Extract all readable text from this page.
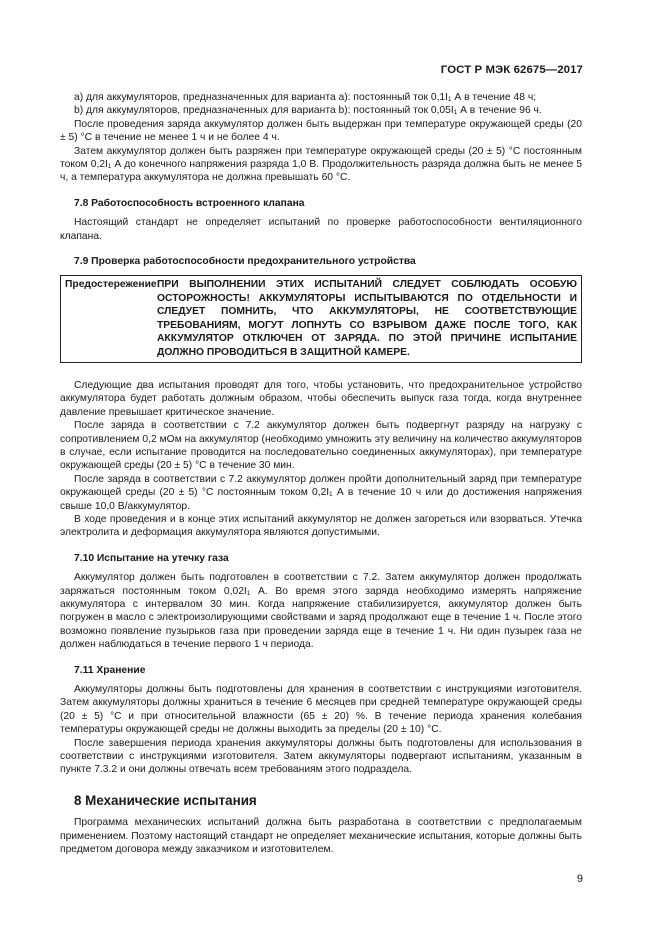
ГОСТ Р МЭК 62675—2017

а) для аккумуляторов, предназначенных для варианта а): постоянный ток 0,1I₁ А в течение 48 ч;

b) для аккумуляторов, предназначенных для варианта b): постоянный ток 0,05I₁ А в течение 96 ч.

После проведения заряда аккумулятор должен быть выдержан при температуре окружающей среды (20 ± 5) °С в течение не менее 1 ч и не более 4 ч.

Затем аккумулятор должен быть разряжен при температуре окружающей среды (20 ± 5) °С постоянным током 0,2I₁ А до конечного напряжения разряда 1,0 В. Продолжительность разряда должна быть не менее 5 ч, а температура аккумулятора не должна превышать 60 °С.

7.8 Работоспособность встроенного клапана

Настоящий стандарт не определяет испытаний по проверке работоспособности вентиляционного клапана.

7.9 Проверка работоспособности предохранительного устройства

Предостережение:
ПРИ ВЫПОЛНЕНИИ ЭТИХ ИСПЫТАНИЙ СЛЕДУЕТ СОБЛЮДАТЬ ОСОБУЮ ОСТОРОЖНОСТЬ! АККУМУЛЯТОРЫ ИСПЫТЫВАЮТСЯ ПО ОТДЕЛЬНОСТИ И СЛЕДУЕТ ПОМНИТЬ, ЧТО АККУМУЛЯТОРЫ, НЕ СООТВЕТСТВУЮЩИЕ ТРЕБОВАНИЯМ, МОГУТ ЛОПНУТЬ СО ВЗРЫВОМ ДАЖЕ ПОСЛЕ ТОГО, КАК АККУМУЛЯТОР ОТКЛЮЧЕН ОТ ЗАРЯДА. ПО ЭТОЙ ПРИЧИНЕ ИСПЫТАНИЕ ДОЛЖНО ПРОВОДИТЬСЯ В ЗАЩИТНОЙ КАМЕРЕ.

Следующие два испытания проводят для того, чтобы установить, что предохранительное устройство аккумулятора будет работать должным образом, чтобы обеспечить выпуск газа тогда, когда внутреннее давление превышает критическое значение.

После заряда в соответствии с 7.2 аккумулятор должен быть подвергнут разряду на нагрузку с сопротивлением 0,2 мОм на аккумулятор (необходимо умножить эту величину на количество аккумуляторов в случае, если испытание проводится на последовательно соединенных аккумуляторах), при температуре окружающей среды (20 ± 5) °С в течение 30 мин.

После заряда в соответствии с 7.2 аккумулятор должен пройти дополнительный заряд при температуре окружающей среды (20 ± 5) °С постоянным током 0,2I₁ А в течение 10 ч или до достижения напряжения свыше 10,0 В/аккумулятор.

В ходе проведения и в конце этих испытаний аккумулятор не должен загореться или взорваться. Утечка электролита и деформация аккумулятора являются допустимыми.

7.10 Испытание на утечку газа

Аккумулятор должен быть подготовлен в соответствии с 7.2. Затем аккумулятор должен продолжать заряжаться постоянным током 0,02I₁ А. Во время этого заряда необходимо измерять напряжение аккумулятора с интервалом 30 мин. Когда напряжение стабилизируется, аккумулятор должен быть погружен в масло с электроизолирующими свойствами и заряд продолжают еще в течение 1 ч. После этого возможно появление пузырьков газа при проведении заряда еще в течение 1 ч. Ни один пузырек газа не должен наблюдаться в течение первого 1 ч периода.

7.11 Хранение

Аккумуляторы должны быть подготовлены для хранения в соответствии с инструкциями изготовителя. Затем аккумуляторы должны храниться в течение 6 месяцев при средней температуре окружающей среды (20 ± 5) °С и при относительной влажности (65 ± 20) %. В течение периода хранения колебания температуры окружающей среды не должны выходить за пределы (20 ± 10) °С.

После завершения периода хранения аккумуляторы должны быть подготовлены для использования в соответствии с инструкциями изготовителя. Затем аккумуляторы подвергают испытаниям, указанным в пункте 7.3.2 и они должны отвечать всем требованиям этого подраздела.

8 Механические испытания

Программа механических испытаний должна быть разработана в соответствии с предполагаемым применением. Поэтому настоящий стандарт не определяет механические испытания, которые должны быть предметом договора между заказчиком и изготовителем.

9
